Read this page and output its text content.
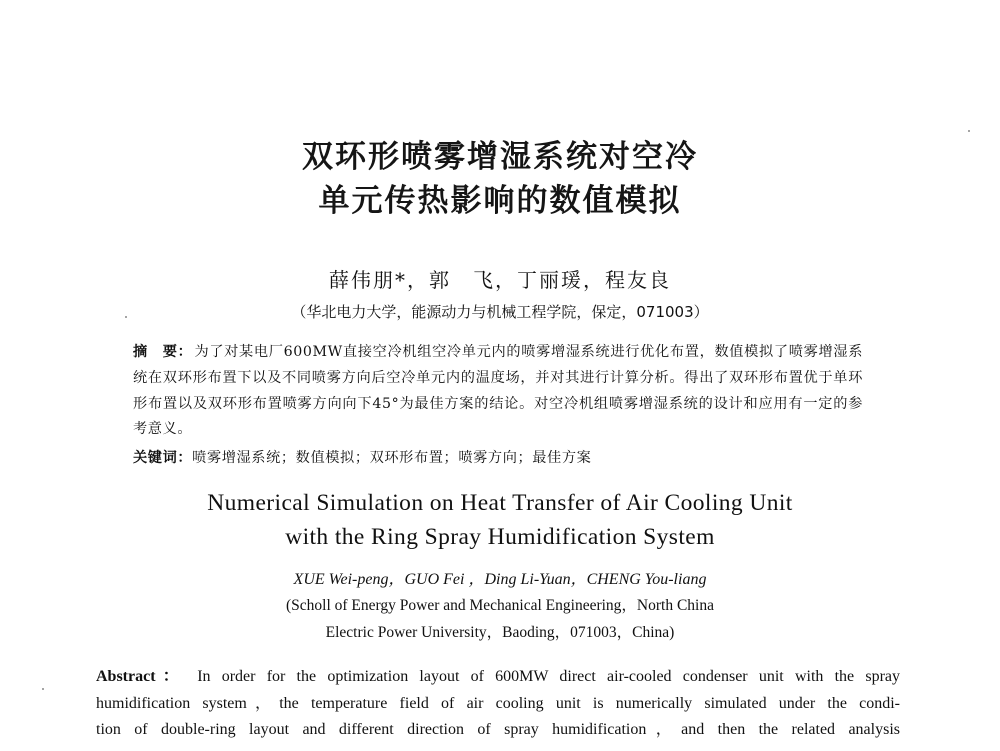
双环形喷雾增湿系统对空冷
单元传热影响的数值模拟
薛伟朋*，郭　飞，丁丽瑗，程友良
（华北电力大学，能源动力与机械工程学院，保定，071003）
摘　要： 为了对某电厂600MW直接空冷机组空冷单元内的喷雾增湿系统进行优化布置，数值模拟了喷雾增湿系统在双环形布置下以及不同喷雾方向后空冷单元内的温度场，并对其进行计算分析。得出了双环形布置优于单环形布置以及双环形布置喷雾方向向下45°为最佳方案的结论。对空冷机组喷雾增湿系统的设计和应用有一定的参考意义。
关键词：喷雾增湿系统；数值模拟；双环形布置；喷雾方向；最佳方案
Numerical Simulation on Heat Transfer of Air Cooling Unit
with the Ring Spray Humidification System
XUE Wei-peng，GUO Fei ，Ding Li-Yuan，CHENG You-liang
(Scholl of Energy Power and Mechanical Engineering，North China
Electric Power University，Baoding，071003，China)
Abstract： In order for the optimization layout of 600MW direct air-cooled condenser unit with the spray
humidification system，the temperature field of air cooling unit is numerically simulated under the condi-
tion of double-ring layout and different direction of spray humidification，and then the related analysis
